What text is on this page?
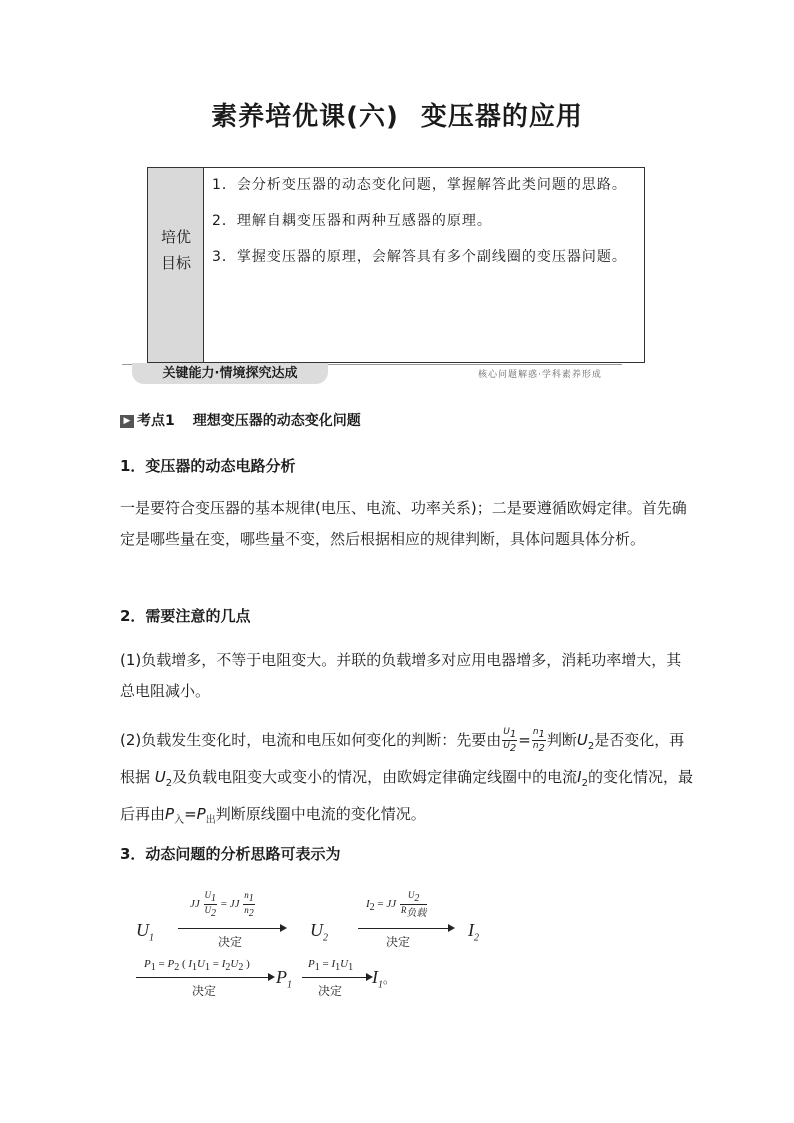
素养培优课(六) 变压器的应用
培优
目标

1．会分析变压器的动态变化问题，掌握解答此类问题的思路。

2．理解自耦变压器和两种互感器的原理。

3．掌握变压器的原理，会解答具有多个副线圈的变压器问题。

关键能力·情境探究达成	核心问题解惑·学科素养形成
▶ 考点1 理想变压器的动态变化问题
1．变压器的动态电路分析
一是要符合变压器的基本规律(电压、电流、功率关系)；二是要遵循欧姆定律。首先确定是哪些量在变，哪些量不变，然后根据相应的规律判断，具体问题具体分析。
2．需要注意的几点
(1)负载增多，不等于电阻变大。并联的负载增多对应用电器增多，消耗功率增大，其总电阻减小。
(2)负载发生变化时，电流和电压如何变化的判断：先要由 $\frac{U_1}{U_2} = \frac{n_1}{n_2}$ 判断$U_2$是否变化，再根据 $U_2$及负载电阻变大或变小的情况，由欧姆定律确定线圈中的电流$I_2$的变化情况，最后再由$P_入=P_出$判断原线圈中电流的变化情况。
3．动态问题的分析思路可表示为
$U_1$
JJ $\frac{U_1}{U_2}$ = JJ $\frac{n_1}{n_2}$
决定
$U_2$
$I_2$ = JJ $\frac{U_2}{R_{负载}}$
决定
$I_2$
$P_1 = P_2$ ( $I_1U_1 = I_2U_2$ )
决定
$P_1$
$P_1 = I_1U_1$
决定
$I_1$。
